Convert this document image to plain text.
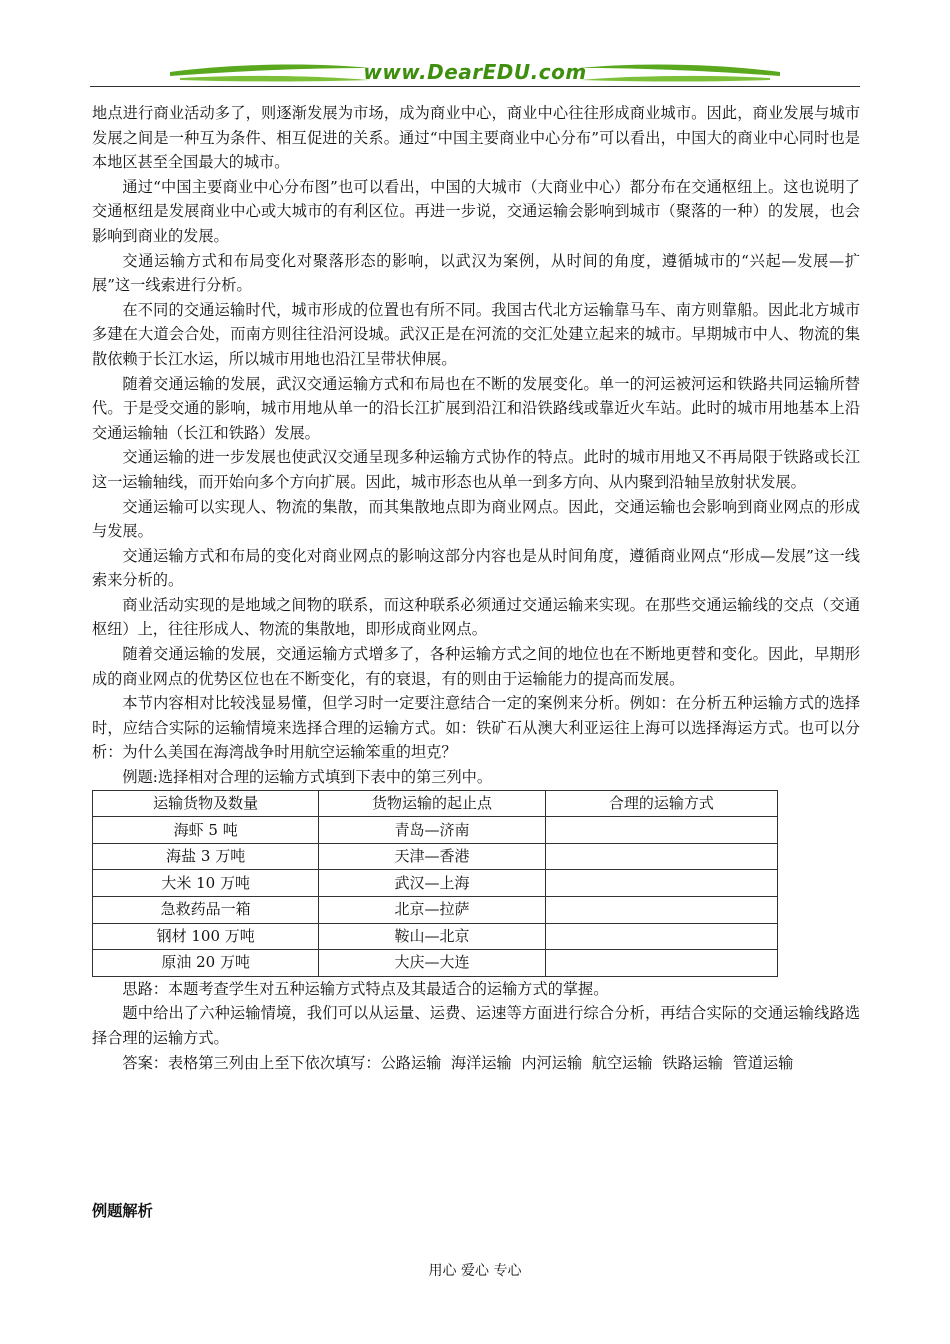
www.DearEDU.com

地点进行商业活动多了，则逐渐发展为市场，成为商业中心，商业中心往往形成商业城市。因此，商业发展与城市发展之间是一种互为条件、相互促进的关系。通过“中国主要商业中心分布”可以看出，中国大的商业中心同时也是本地区甚至全国最大的城市。

通过“中国主要商业中心分布图”也可以看出，中国的大城市（大商业中心）都分布在交通枢纽上。这也说明了交通枢纽是发展商业中心或大城市的有利区位。再进一步说，交通运输会影响到城市（聚落的一种）的发展，也会影响到商业的发展。

交通运输方式和布局变化对聚落形态的影响，以武汉为案例，从时间的角度，遵循城市的“兴起—发展—扩展”这一线索进行分析。

在不同的交通运输时代，城市形成的位置也有所不同。我国古代北方运输靠马车、南方则靠船。因此北方城市多建在大道会合处，而南方则往往沿河设城。武汉正是在河流的交汇处建立起来的城市。早期城市中人、物流的集散依赖于长江水运，所以城市用地也沿江呈带状伸展。

随着交通运输的发展，武汉交通运输方式和布局也在不断的发展变化。单一的河运被河运和铁路共同运输所替代。于是受交通的影响，城市用地从单一的沿长江扩展到沿江和沿铁路线或靠近火车站。此时的城市用地基本上沿交通运输轴（长江和铁路）发展。

交通运输的进一步发展也使武汉交通呈现多种运输方式协作的特点。此时的城市用地又不再局限于铁路或长江这一运输轴线，而开始向多个方向扩展。因此，城市形态也从单一到多方向、从内聚到沿轴呈放射状发展。

交通运输可以实现人、物流的集散，而其集散地点即为商业网点。因此，交通运输也会影响到商业网点的形成与发展。

交通运输方式和布局的变化对商业网点的影响这部分内容也是从时间角度，遵循商业网点“形成—发展”这一线索来分析的。

商业活动实现的是地域之间物的联系，而这种联系必须通过交通运输来实现。在那些交通运输线的交点（交通枢纽）上，往往形成人、物流的集散地，即形成商业网点。

随着交通运输的发展，交通运输方式增多了，各种运输方式之间的地位也在不断地更替和变化。因此，早期形成的商业网点的优势区位也在不断变化，有的衰退，有的则由于运输能力的提高而发展。

本节内容相对比较浅显易懂，但学习时一定要注意结合一定的案例来分析。例如：在分析五种运输方式的选择时，应结合实际的运输情境来选择合理的运输方式。如：铁矿石从澳大利亚运往上海可以选择海运方式。也可以分析：为什么美国在海湾战争时用航空运输笨重的坦克？

例题:选择相对合理的运输方式填到下表中的第三列中。

运输货物及数量	货物运输的起止点	合理的运输方式
海虾 5 吨	青岛—济南	
海盐 3 万吨	天津—香港	
大米 10 万吨	武汉—上海	
急救药品一箱	北京—拉萨	
钢材 100 万吨	鞍山—北京	
原油 20 万吨	大庆—大连	

思路：本题考查学生对五种运输方式特点及其最适合的运输方式的掌握。

题中给出了六种运输情境，我们可以从运量、运费、运速等方面进行综合分析，再结合实际的交通运输线路选择合理的运输方式。

答案：表格第三列由上至下依次填写：公路运输  海洋运输  内河运输  航空运输  铁路运输  管道运输

例题解析
用心 爱心 专心
